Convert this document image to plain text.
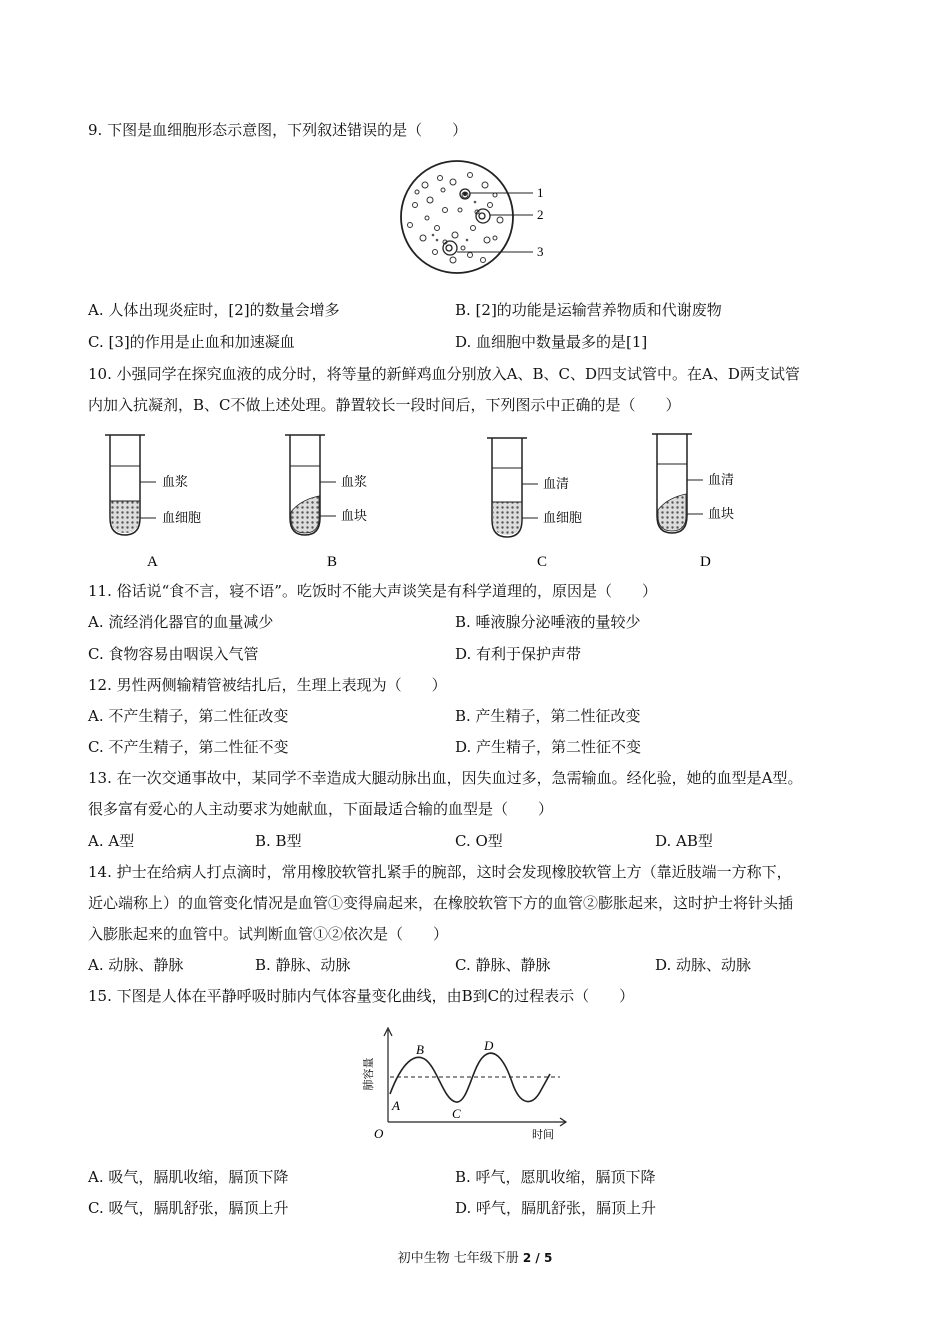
9. 下图是血细胞形态示意图，下列叙述错误的是（　　）
1
2
3
A. 人体出现炎症时，[2]的数量会增多	B. [2]的功能是运输营养物质和代谢废物
C. [3]的作用是止血和加速凝血	D. 血细胞中数量最多的是[1]
10. 小强同学在探究血液的成分时，将等量的新鲜鸡血分别放入A、B、C、D四支试管中。在A、D两支试管
内加入抗凝剂，B、C不做上述处理。静置较长一段时间后，下列图示中正确的是（　　）
血浆
血细胞
血浆
血块
血清
血细胞
血清
血块
A	B	C	D
11. 俗话说“食不言，寝不语”。吃饭时不能大声谈笑是有科学道理的，原因是（　　）
A. 流经消化器官的血量减少	B. 唾液腺分泌唾液的量较少
C. 食物容易由咽误入气管	D. 有利于保护声带
12. 男性两侧输精管被结扎后，生理上表现为（　　）
A. 不产生精子，第二性征改变	B. 产生精子，第二性征改变
C. 不产生精子，第二性征不变	D. 产生精子，第二性征不变
13. 在一次交通事故中，某同学不幸造成大腿动脉出血，因失血过多，急需输血。经化验，她的血型是A型。
很多富有爱心的人主动要求为她献血，下面最适合输的血型是（　　）
A. A型	B. B型	C. O型	D. AB型
14. 护士在给病人打点滴时，常用橡胶软管扎紧手的腕部，这时会发现橡胶软管上方（靠近肢端一方称下，
近心端称上）的血管变化情况是血管①变得扁起来，在橡胶软管下方的血管②膨胀起来，这时护士将针头插
入膨胀起来的血管中。试判断血管①②依次是（　　）
A. 动脉、静脉	B. 静脉、动脉	C. 静脉、静脉	D. 动脉、动脉
15. 下图是人体在平静呼吸时肺内气体容量变化曲线，由B到C的过程表示（　　）
肺容量
时间
O
A
B
C
D
A. 吸气，膈肌收缩，膈顶下降	B. 呼气，愿肌收缩，膈顶下降
C. 吸气，膈肌舒张，膈顶上升	D. 呼气，膈肌舒张，膈顶上升
初中生物 七年级下册 2 / 5
